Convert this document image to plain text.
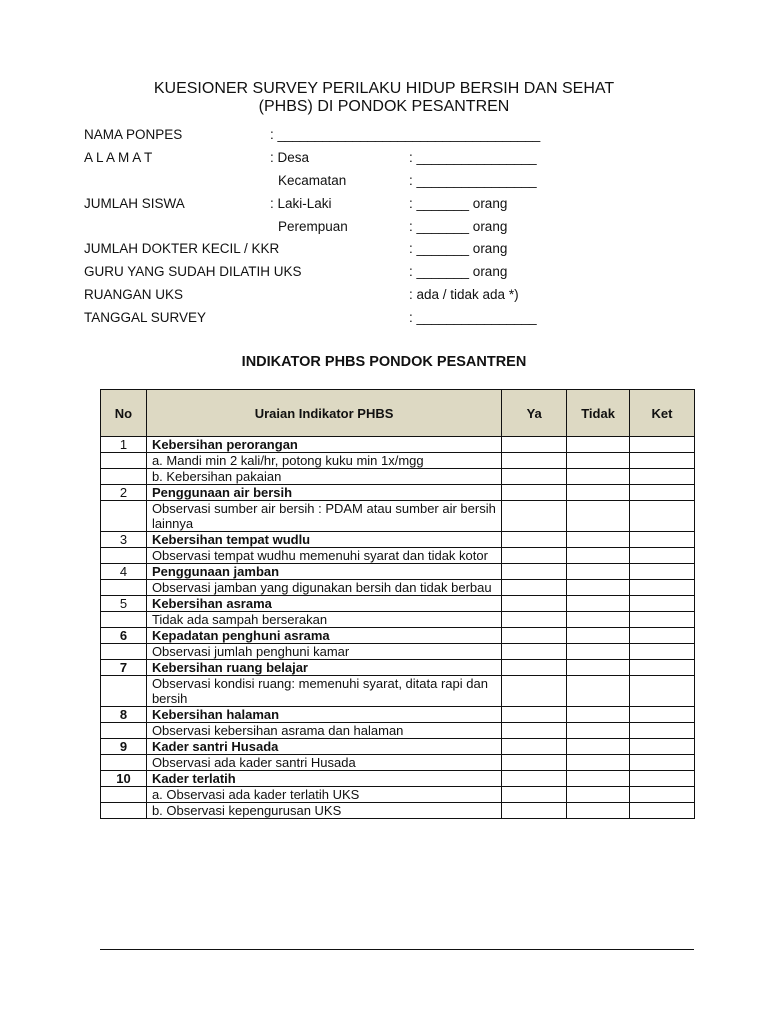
KUESIONER SURVEY PERILAKU HIDUP BERSIH DAN SEHAT
(PHBS) DI PONDOK PESANTREN
NAMA PONPES	: ___________________________________
A L A M A T	: Desa	: ________________
Kecamatan	: ________________
JUMLAH SISWA	: Laki-Laki	: _______ orang
Perempuan	: _______ orang
JUMLAH DOKTER KECIL / KKR	: _______ orang
GURU YANG SUDAH DILATIH UKS	: _______ orang
RUANGAN UKS	: ada / tidak ada *)
TANGGAL SURVEY	: ________________
INDIKATOR PHBS PONDOK PESANTREN
No	Uraian Indikator PHBS	Ya	Tidak	Ket
1	Kebersihan perorangan			
	a. Mandi min 2 kali/hr, potong kuku min 1x/mgg			
	b. Kebersihan pakaian			
2	Penggunaan air bersih			
	Observasi sumber air bersih : PDAM atau sumber air bersih lainnya			
3	Kebersihan tempat wudlu			
	Observasi tempat wudhu memenuhi syarat dan tidak kotor			
4	Penggunaan jamban			
	Observasi jamban yang digunakan bersih dan tidak berbau			
5	Kebersihan asrama			
	Tidak ada sampah berserakan			
6	Kepadatan penghuni asrama			
	Observasi jumlah penghuni kamar			
7	Kebersihan ruang belajar			
	Observasi kondisi ruang: memenuhi syarat, ditata rapi dan bersih			
8	Kebersihan halaman			
	Observasi kebersihan asrama dan halaman			
9	Kader santri Husada			
	Observasi ada kader santri Husada			
10	Kader terlatih			
	a. Observasi ada kader terlatih UKS			
	b. Observasi kepengurusan UKS			
